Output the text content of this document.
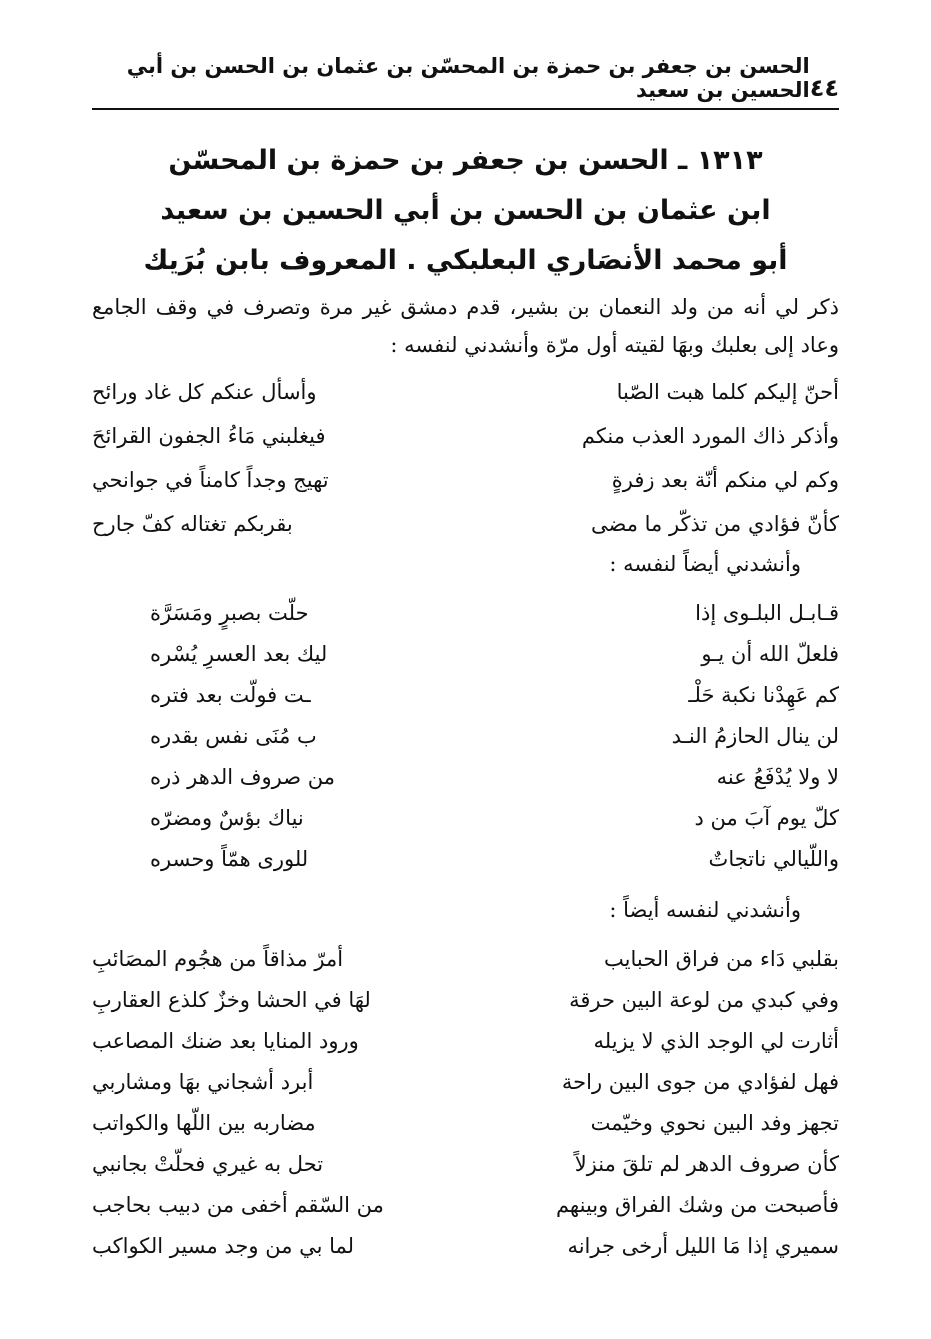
٤٤
الحسن بن جعفر بن حمزة بن المحسّن بن عثمان بن الحسن بن أبي الحسين بن سعيد
١٣١٣ ـ الحسن بن جعفر بن حمزة بن المحسّن
ابن عثمان بن الحسن بن أبي الحسين بن سعيد
أبو محمد الأنصَاري البعلبكي . المعروف بابن بُرَيك
ذكر لي أنه من ولد النعمان بن بشير، قدم دمشق غير مرة وتصرف في وقف الجامع وعاد إلى بعلبك وبهَا لقيته أول مرّة وأنشدني لنفسه :
أحنّ إليكم كلما هبت الصّبا
وأسأل عنكم كل غاد ورائح
وأذكر ذاك المورد العذب منكم
فيغلبني مَاءُ الجفون القرائحَ
وكم لي منكم أنّة بعد زفرةٍ
تهيج وجداً كامناً في جوانحي
كأنّ فؤادي من تذكّر ما مضى
بقربكم تغتاله كفّ جارح
وأنشدني أيضاً لنفسه :
قـابـل البلـوى إذا
حلّت بصبرٍ ومَسَرَّة
فلعلّ الله أن يـو
ليك بعد العسرِ يُسْره
كم عَهِدْنا نكبة حَلْـ
ـت فولّت بعد فتره
لن ينال الحازمُ النـد
ب مُنَى نفس بقدره
لا ولا يُدْفَعُ عنه
من صروف الدهر ذره
كلّ يوم آبَ من د
نياك بؤسٌ ومضرّه
واللّيالي ناتجاتٌ
للورى همّاً وحسره
وأنشدني لنفسه أيضاً :
بقلبي دَاء من فراق الحبايب
أمرّ مذاقاً من هجُوم المصَائبِ
وفي كبدي من لوعة البين حرقة
لهَا في الحشا وخزٌ كلذع العقاربِ
أثارت لي الوجد الذي لا يزيله
ورود المنايا بعد ضنك المصاعب
فهل لفؤادي من جوى البين راحة
أبرد أشجاني بهَا ومشاربي
تجهز وفد البين نحوي وخيّمت
مضاربه بين اللّها والكواتب
كأن صروف الدهر لم تلقَ منزلاً
تحل به غيري فحلّتْ بجانبي
فأصبحت من وشك الفراق وبينهم
من السّقم أخفى من دبيب بحاجب
سميري إذا مَا الليل أرخى جرانه
لما بي من وجد مسير الكواكب
